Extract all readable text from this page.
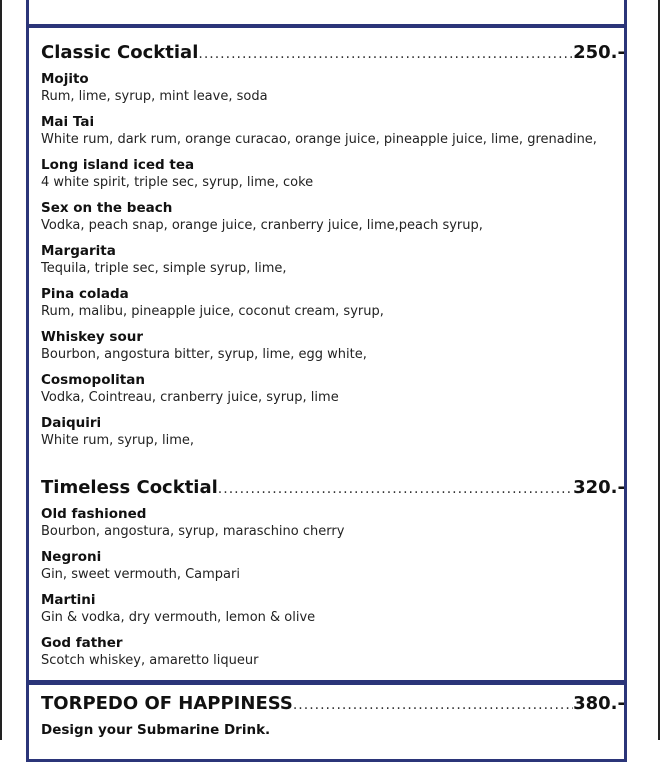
Classic Cocktial .....	250.-
Mojito
Rum, lime, syrup, mint leave, soda
Mai Tai
White rum, dark rum, orange curacao, orange juice, pineapple juice, lime, grenadine,
Long island iced tea
4 white spirit, triple sec, syrup, lime, coke
Sex on the beach
Vodka, peach snap, orange juice, cranberry juice, lime,peach syrup,
Margarita
Tequila, triple sec, simple syrup, lime,
Pina colada
Rum, malibu, pineapple juice, coconut cream, syrup,
Whiskey sour
Bourbon, angostura bitter, syrup, lime, egg white,
Cosmopolitan
Vodka, Cointreau, cranberry juice, syrup, lime
Daiquiri
White rum, syrup, lime,
Timeless Cocktial .....	320.-
Old fashioned
Bourbon, angostura, syrup, maraschino cherry
Negroni
Gin, sweet vermouth, Campari
Martini
Gin & vodka, dry vermouth, lemon & olive
God father
Scotch whiskey, amaretto liqueur
TORPEDO OF HAPPINESS .....	380.-
Design your Submarine Drink.
